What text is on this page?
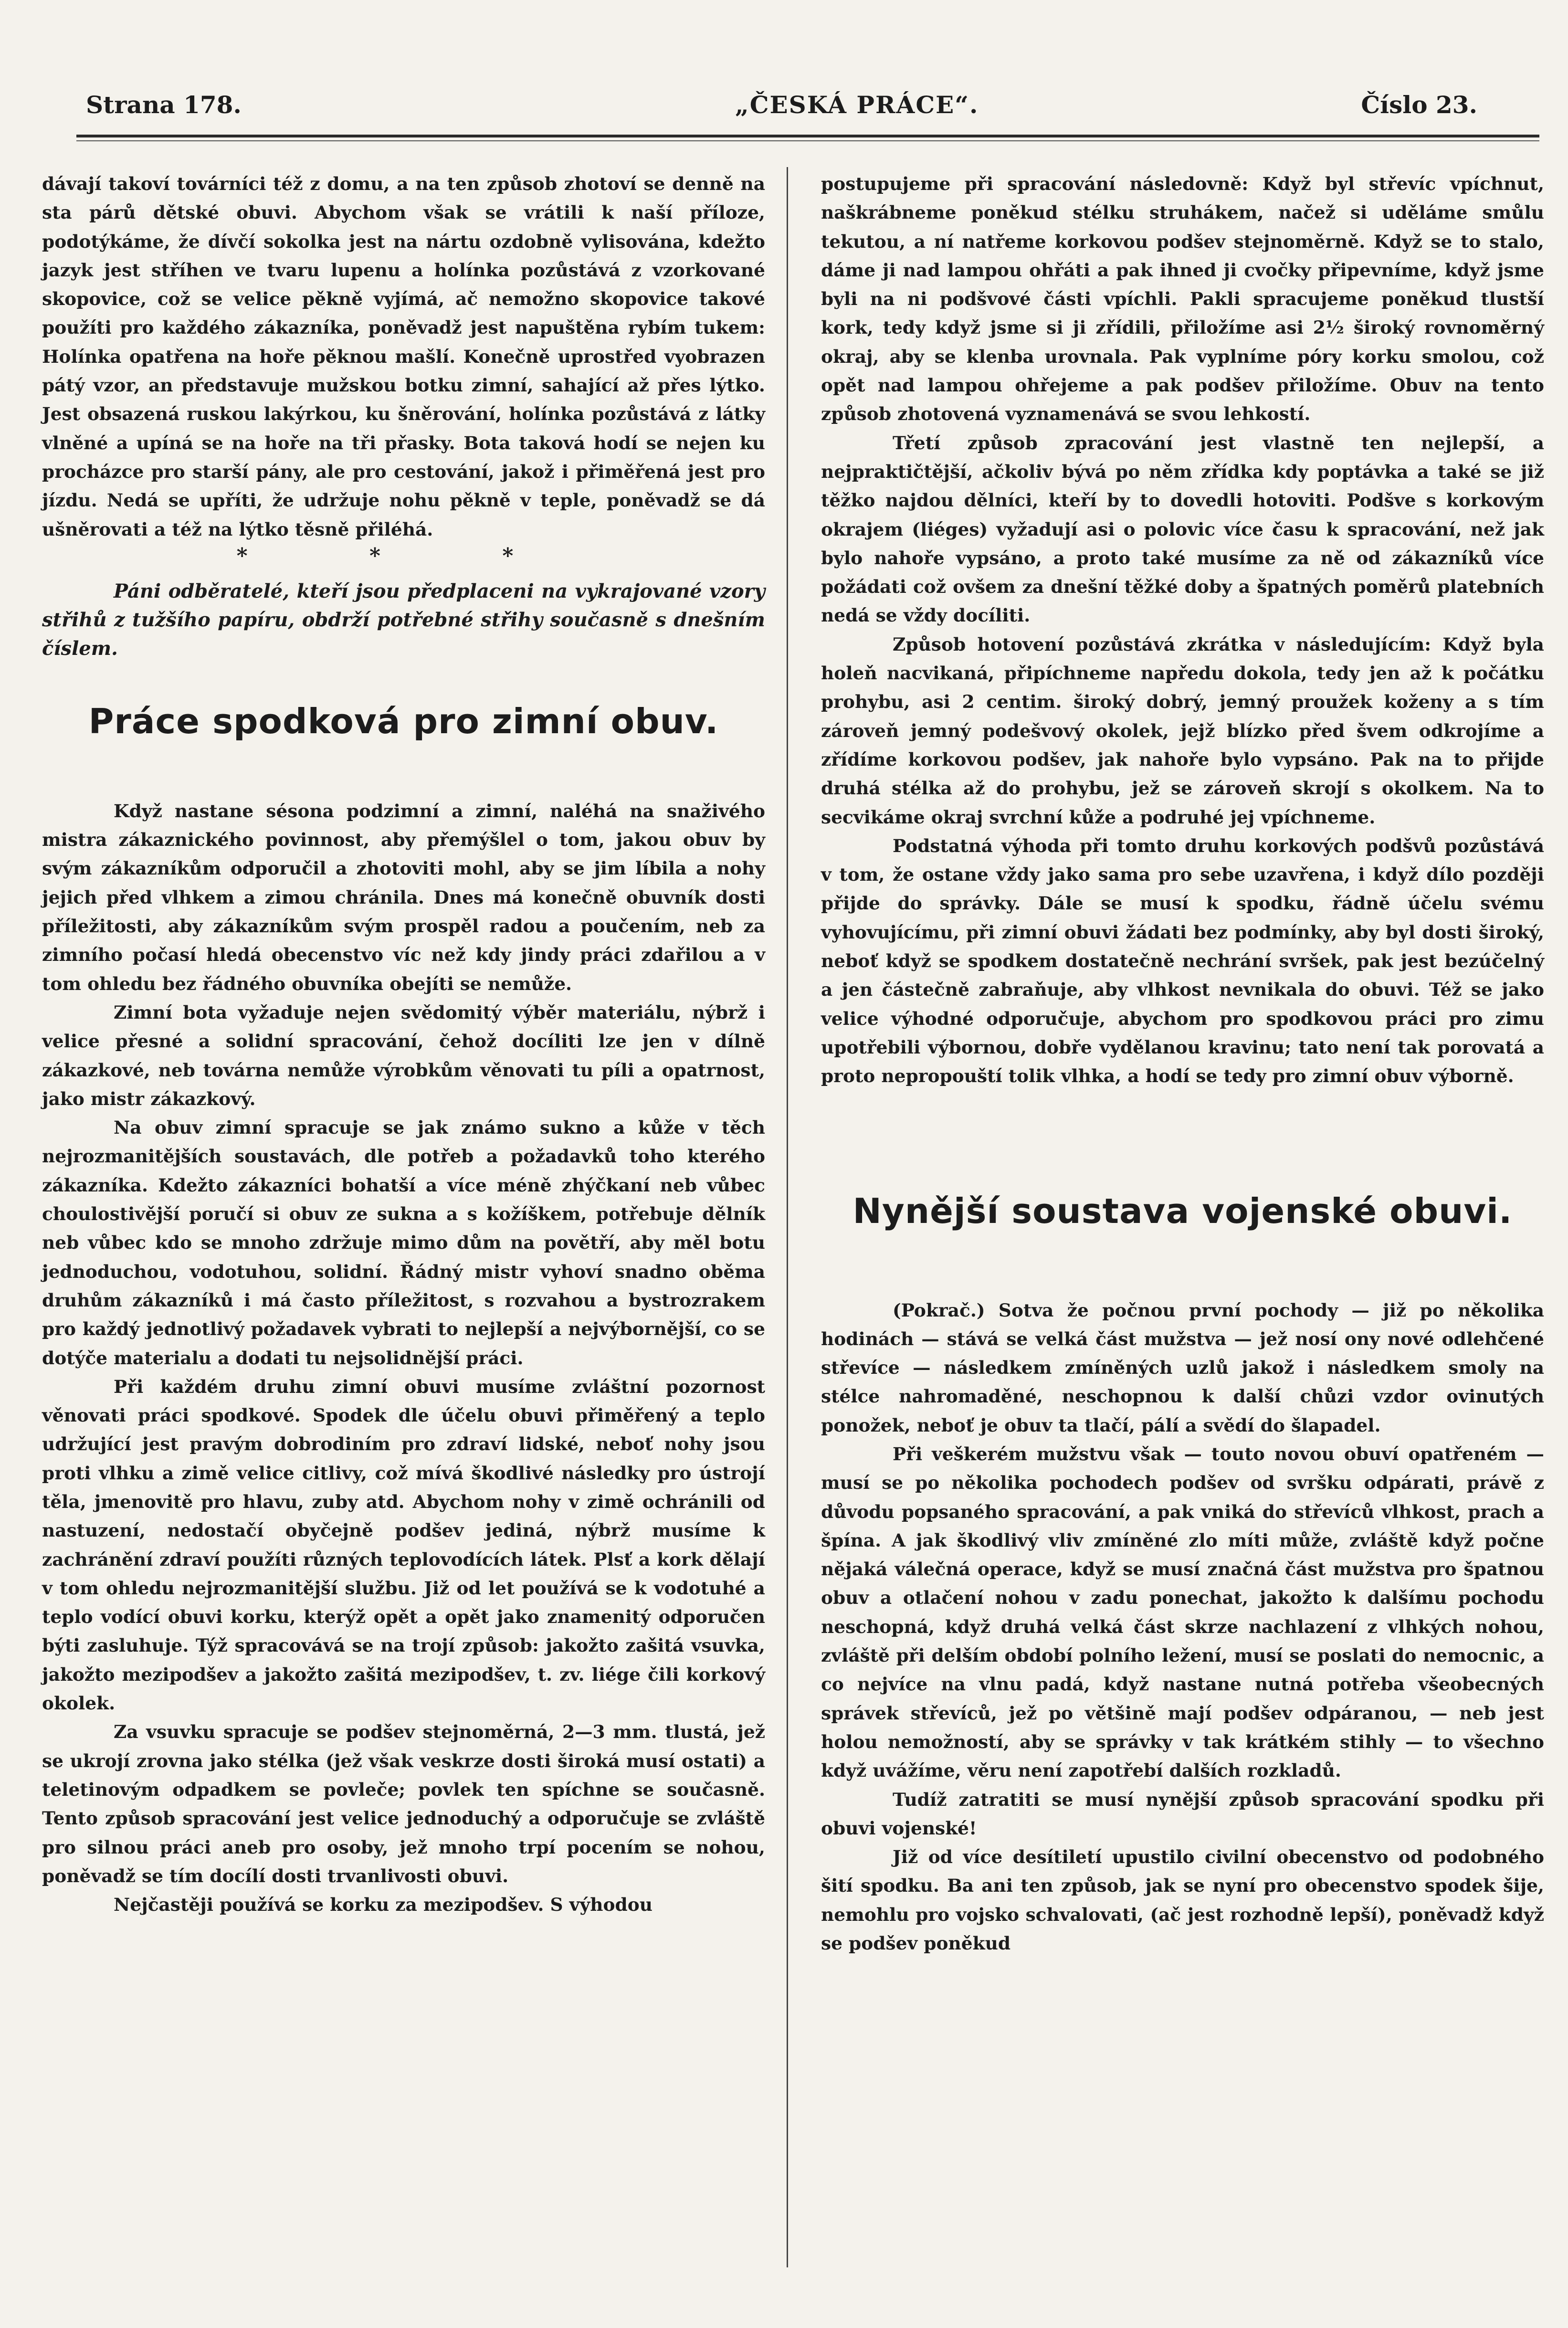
Strana 178.	„ČESKÁ PRÁCE“.	Číslo 23.

dávají takoví továrníci též z domu, a na ten způsob zhotoví se denně na sta párů dětské obuvi. Abychom však se vrátili k naší příloze, podotýkáme, že dívčí sokolka jest na nártu ozdobně vylisována, kdežto jazyk jest stříhen ve tvaru lupenu a holínka pozůstává z vzorkované skopovice, což se velice pěkně vyjímá, ač nemožno skopovice takové použíti pro každého zákazníka, poněvadž jest napuštěna rybím tukem: Holínka opatřena na hoře pěknou mašlí. Konečně uprostřed vyobrazen pátý vzor, an představuje mužskou botku zimní, sahající až přes lýtko. Jest obsazená ruskou lakýrkou, ku šněrování, holínka pozůstává z látky vlněné a upíná se na hoře na tři přasky. Bota taková hodí se nejen ku procházce pro starší pány, ale pro cestování, jakož i přiměřená jest pro jízdu. Nedá se upříti, že udržuje nohu pěkně v teple, poněvadž se dá ušněrovati a též na lýtko těsně přiléhá.

* * *

Páni odběratelé, kteří jsou předplaceni na vykrajované vzory střihů z tužšího papíru, obdrží potřebné střihy současně s dnešním číslem.

Práce spodková pro zimní obuv.

Když nastane sésona podzimní a zimní, naléhá na snaživého mistra zákaznického povinnost, aby přemýšlel o tom, jakou obuv by svým zákazníkům odporučil a zhotoviti mohl, aby se jim líbila a nohy jejich před vlhkem a zimou chránila. Dnes má konečně obuvník dosti příležitosti, aby zákazníkům svým prospěl radou a poučením, neb za zimního počasí hledá obecenstvo víc než kdy jindy práci zdařilou a v tom ohledu bez řádného obuvníka obejíti se nemůže.

Zimní bota vyžaduje nejen svědomitý výběr materiálu, nýbrž i velice přesné a solidní spracování, čehož docíliti lze jen v dílně zákazkové, neb továrna nemůže výrobkům věnovati tu píli a opatrnost, jako mistr zákazkový.

Na obuv zimní spracuje se jak známo sukno a kůže v těch nejrozmanitějších soustavách, dle potřeb a požadavků toho kterého zákazníka. Kdežto zákazníci bohatší a více méně zhýčkaní neb vůbec choulostivější poručí si obuv ze sukna a s kožíškem, potřebuje dělník neb vůbec kdo se mnoho zdržuje mimo dům na povětří, aby měl botu jednoduchou, vodotuhou, solidní. Řádný mistr vyhoví snadno oběma druhům zákazníků i má často příležitost, s rozvahou a bystrozrakem pro každý jednotlivý požadavek vybrati to nejlepší a nejvýbornější, co se dotýče materialu a dodati tu nejsolidnější práci.

Při každém druhu zimní obuvi musíme zvláštní pozornost věnovati práci spodkové. Spodek dle účelu obuvi přiměřený a teplo udržující jest pravým dobrodiním pro zdraví lidské, neboť nohy jsou proti vlhku a zimě velice citlivy, což mívá škodlivé následky pro ústrojí těla, jmenovitě pro hlavu, zuby atd. Abychom nohy v zimě ochránili od nastuzení, nedostačí obyčejně podšev jediná, nýbrž musíme k zachránění zdraví použíti různých teplovodících látek. Plsť a kork dělají v tom ohledu nejrozmanitější službu. Již od let používá se k vodotuhé a teplo vodící obuvi korku, kterýž opět a opět jako znamenitý odporučen býti zasluhuje. Týž spracovává se na trojí způsob: jakožto zašitá vsuvka, jakožto mezipodšev a jakožto zašitá mezipodšev, t. zv. liége čili korkový okolek.

Za vsuvku spracuje se podšev stejnoměrná, 2—3 mm. tlustá, jež se ukrojí zrovna jako stélka (jež však veskrze dosti široká musí ostati) a teletinovým odpadkem se povleče; povlek ten spíchne se současně. Tento způsob spracování jest velice jednoduchý a odporučuje se zvláště pro silnou práci aneb pro osoby, jež mnoho trpí pocením se nohou, poněvadž se tím docílí dosti trvanlivosti obuvi.

Nejčastěji používá se korku za mezipodšev. S výhodou

postupujeme při spracování následovně: Když byl střevíc vpíchnut, naškrábneme poněkud stélku struhákem, načež si uděláme smůlu tekutou, a ní natřeme korkovou podšev stejnoměrně. Když se to stalo, dáme ji nad lampou ohřáti a pak ihned ji cvočky připevníme, když jsme byli na ni podšvové části vpíchli. Pakli spracujeme poněkud tlustší kork, tedy když jsme si ji zřídili, přiložíme asi 2½ široký rovnoměrný okraj, aby se klenba urovnala. Pak vyplníme póry korku smolou, což opět nad lampou ohřejeme a pak podšev přiložíme. Obuv na tento způsob zhotovená vyznamenává se svou lehkostí.

Třetí způsob zpracování jest vlastně ten nejlepší, a nejpraktičtější, ačkoliv bývá po něm zřídka kdy poptávka a také se již těžko najdou dělníci, kteří by to dovedli hotoviti. Podšve s korkovým okrajem (liéges) vyžadují asi o polovic více času k spracování, než jak bylo nahoře vypsáno, a proto také musíme za ně od zákazníků více požádati což ovšem za dnešní těžké doby a špatných poměrů platebních nedá se vždy docíliti.

Způsob hotovení pozůstává zkrátka v následujícím: Když byla holeň nacvikaná, připíchneme napředu dokola, tedy jen až k počátku prohybu, asi 2 centim. široký dobrý, jemný proužek koženy a s tím zároveň jemný podešvový okolek, jejž blízko před švem odkrojíme a zřídíme korkovou podšev, jak nahoře bylo vypsáno. Pak na to přijde druhá stélka až do prohybu, jež se zároveň skrojí s okolkem. Na to secvikáme okraj svrchní kůže a podruhé jej vpíchneme.

Podstatná výhoda při tomto druhu korkových podšvů pozůstává v tom, že ostane vždy jako sama pro sebe uzavřena, i když dílo později přijde do správky. Dále se musí k spodku, řádně účelu svému vyhovujícímu, při zimní obuvi žádati bez podmínky, aby byl dosti široký, neboť když se spodkem dostatečně nechrání svršek, pak jest bezúčelný a jen částečně zabraňuje, aby vlhkost nevnikala do obuvi. Též se jako velice výhodné odporučuje, abychom pro spodkovou práci pro zimu upotřebili výbornou, dobře vydělanou kravinu; tato není tak porovatá a proto nepropouští tolik vlhka, a hodí se tedy pro zimní obuv výborně.

Nynější soustava vojenské obuvi.

(Pokrač.) Sotva že počnou první pochody — již po několika hodinách — stává se velká část mužstva — jež nosí ony nové odlehčené střevíce — následkem zmíněných uzlů jakož i následkem smoly na stélce nahromaděné, neschopnou k další chůzi vzdor ovinutých ponožek, neboť je obuv ta tlačí, pálí a svědí do šlapadel.

Při veškerém mužstvu však — touto novou obuví opatřeném — musí se po několika pochodech podšev od svršku odpárati, právě z důvodu popsaného spracování, a pak vniká do střevíců vlhkost, prach a špína. A jak škodlivý vliv zmíněné zlo míti může, zvláště když počne nějaká válečná operace, když se musí značná část mužstva pro špatnou obuv a otlačení nohou v zadu ponechat, jakožto k dalšímu pochodu neschopná, když druhá velká část skrze nachlazení z vlhkých nohou, zvláště při delším období polního ležení, musí se poslati do nemocnic, a co nejvíce na vlnu padá, když nastane nutná potřeba všeobecných správek střevíců, jež po většině mají podšev odpáranou, — neb jest holou nemožností, aby se správky v tak krátkém stihly — to všechno když uvážíme, věru není zapotřebí dalších rozkladů.

Tudíž zatratiti se musí nynější způsob spracování spodku při obuvi vojenské!

Již od více desítiletí upustilo civilní obecenstvo od podobného šití spodku. Ba ani ten způsob, jak se nyní pro obecenstvo spodek šije, nemohlu pro vojsko schvalovati, (ač jest rozhodně lepší), poněvadž když se podšev poněkud
